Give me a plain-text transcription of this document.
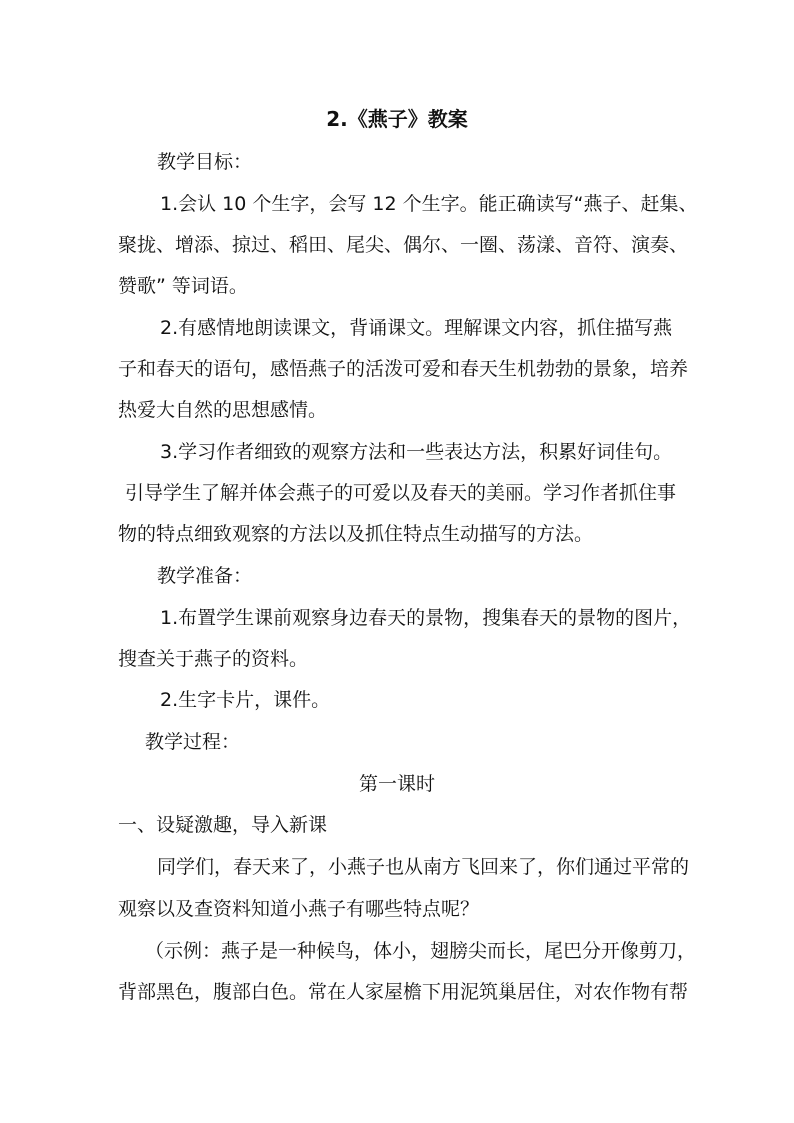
2.《燕子》教案
教学目标：
1.会认 10 个生字，会写 12 个生字。能正确读写“燕子、赶集、
聚拢、增添、掠过、稻田、尾尖、偶尔、一圈、荡漾、音符、演奏、
赞歌” 等词语。
2.有感情地朗读课文，背诵课文。理解课文内容，抓住描写燕
子和春天的语句，感悟燕子的活泼可爱和春天生机勃勃的景象，培养
热爱大自然的思想感情。
3.学习作者细致的观察方法和一些表达方法，积累好词佳句。
引导学生了解并体会燕子的可爱以及春天的美丽。学习作者抓住事
物的特点细致观察的方法以及抓住特点生动描写的方法。
教学准备：
1.布置学生课前观察身边春天的景物，搜集春天的景物的图片，
搜查关于燕子的资料。
2.生字卡片，课件。
教学过程：
第一课时
一、设疑激趣，导入新课
同学们，春天来了，小燕子也从南方飞回来了，你们通过平常的
观察以及查资料知道小燕子有哪些特点呢？
（示例：燕子是一种候鸟，体小，翅膀尖而长，尾巴分开像剪刀，
背部黑色，腹部白色。常在人家屋檐下用泥筑巢居住，对农作物有帮
